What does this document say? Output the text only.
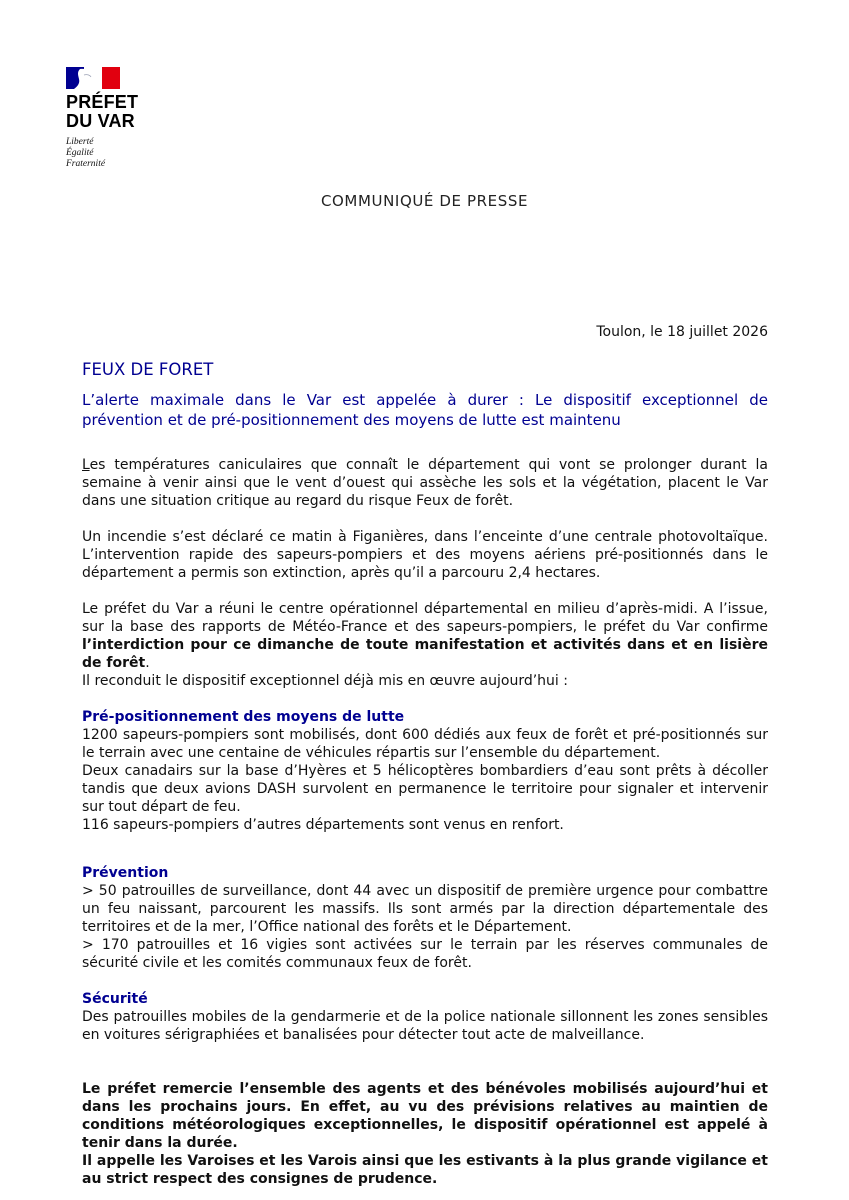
PRÉFET
DU VAR
Liberté
Égalité
Fraternité
COMMUNIQUÉ DE PRESSE
Toulon, le 18 juillet 2026
FEUX DE FORET

L’alerte maximale dans le Var est appelée à durer : Le dispositif exceptionnel de prévention et de pré-positionnement des moyens de lutte est maintenu

Les températures caniculaires que connaît le département qui vont se prolonger durant la semaine à venir ainsi que le vent d’ouest qui assèche les sols et la végétation, placent le Var dans une situation critique au regard du risque Feux de forêt.

Un incendie s’est déclaré ce matin à Figanières, dans l’enceinte d’une centrale photovoltaïque. L’intervention rapide des sapeurs-pompiers et des moyens aériens pré-positionnés dans le département a permis son extinction, après qu’il a parcouru 2,4 hectares.

Le préfet du Var a réuni le centre opérationnel départemental en milieu d’après-midi. A l’issue, sur la base des rapports de Météo-France et des sapeurs-pompiers, le préfet du Var confirme l’interdiction pour ce dimanche de toute manifestation et activités dans et en lisière de forêt.
Il reconduit le dispositif exceptionnel déjà mis en œuvre aujourd’hui :

Pré-positionnement des moyens de lutte
1200 sapeurs-pompiers sont mobilisés, dont 600 dédiés aux feux de forêt et pré-positionnés sur le terrain avec une centaine de véhicules répartis sur l’ensemble du département.
Deux canadairs sur la base d’Hyères et 5 hélicoptères bombardiers d’eau sont prêts à décoller tandis que deux avions DASH survolent en permanence le territoire pour signaler et intervenir sur tout départ de feu.
116 sapeurs-pompiers d’autres départements sont venus en renfort.
Prévention
> 50 patrouilles de surveillance, dont 44 avec un dispositif de première urgence pour combattre un feu naissant, parcourent les massifs. Ils sont armés par la direction départementale des territoires et de la mer, l’Office national des forêts et le Département.
> 170 patrouilles et 16 vigies sont activées sur le terrain par les réserves communales de sécurité civile et les comités communaux feux de forêt.
Sécurité
Des patrouilles mobiles de la gendarmerie et de la police nationale sillonnent les zones sensibles en voitures sérigraphiées et banalisées pour détecter tout acte de malveillance.
Le préfet remercie l’ensemble des agents et des bénévoles mobilisés aujourd’hui et dans les prochains jours. En effet, au vu des prévisions relatives au maintien de conditions météorologiques exceptionnelles, le dispositif opérationnel est appelé à tenir dans la durée.
Il appelle les Varoises et les Varois ainsi que les estivants à la plus grande vigilance et au strict respect des consignes de prudence.
